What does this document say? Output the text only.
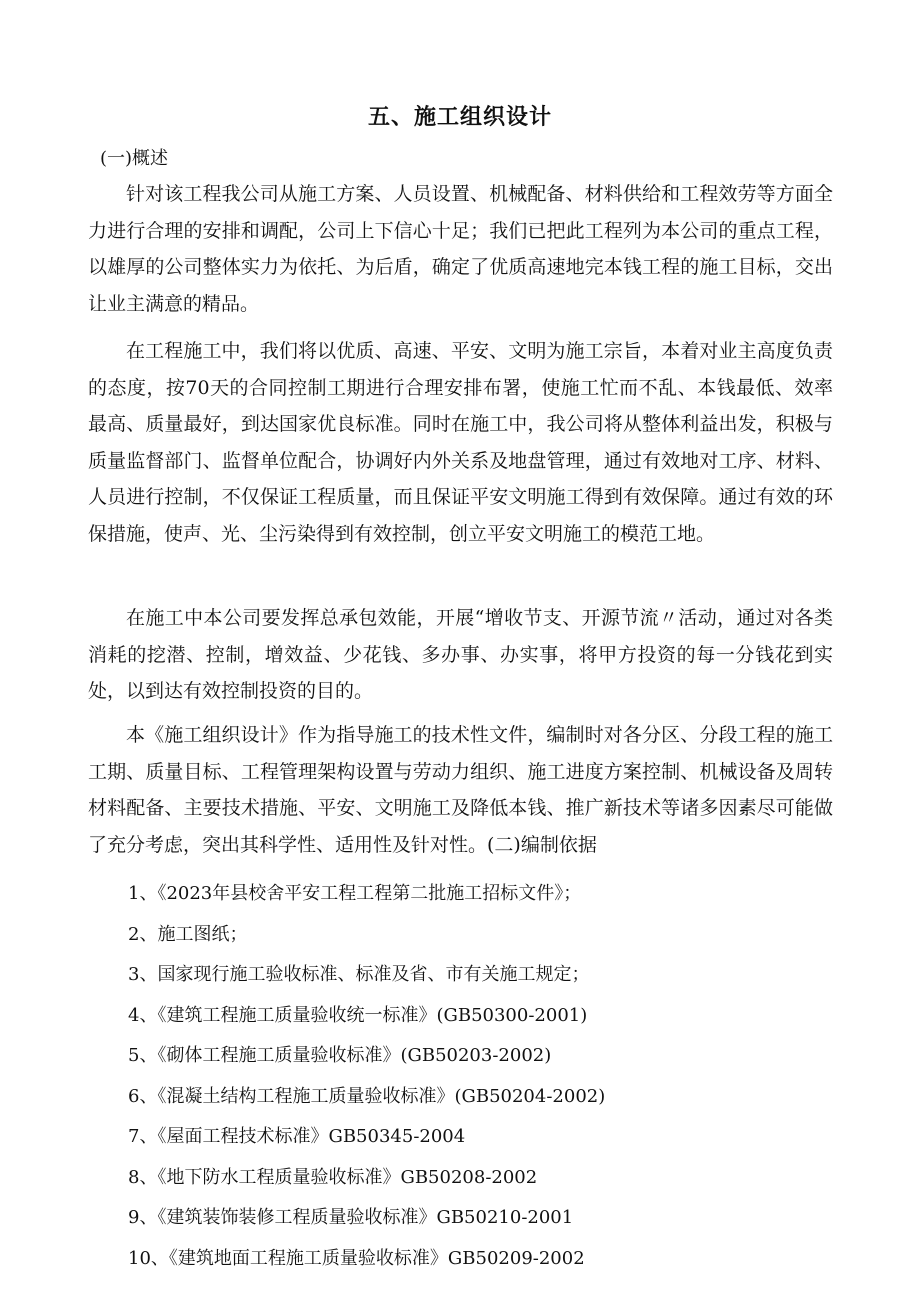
五、施工组织设计
(一)概述

针对该工程我公司从施工方案、人员设置、机械配备、材料供给和工程效劳等方面全力进行合理的安排和调配，公司上下信心十足；我们已把此工程列为本公司的重点工程，以雄厚的公司整体实力为依托、为后盾，确定了优质高速地完本钱工程的施工目标，交出让业主满意的精品。

在工程施工中，我们将以优质、高速、平安、文明为施工宗旨，本着对业主高度负责的态度，按70天的合同控制工期进行合理安排布署，使施工忙而不乱、本钱最低、效率最高、质量最好，到达国家优良标准。同时在施工中，我公司将从整体利益出发，积极与质量监督部门、监督单位配合，协调好内外关系及地盘管理，通过有效地对工序、材料、人员进行控制，不仅保证工程质量，而且保证平安文明施工得到有效保障。通过有效的环保措施，使声、光、尘污染得到有效控制，创立平安文明施工的模范工地。

在施工中本公司要发挥总承包效能，开展“增收节支、开源节流〃活动，通过对各类消耗的挖潜、控制，增效益、少花钱、多办事、办实事，将甲方投资的每一分钱花到实处，以到达有效控制投资的目的。

本《施工组织设计》作为指导施工的技术性文件，编制时对各分区、分段工程的施工工期、质量目标、工程管理架构设置与劳动力组织、施工进度方案控制、机械设备及周转材料配备、主要技术措施、平安、文明施工及降低本钱、推广新技术等诸多因素尽可能做了充分考虑，突出其科学性、适用性及针对性。(二)编制依据

1、《2023年县校舍平安工程工程第二批施工招标文件》；
2、施工图纸；
3、国家现行施工验收标准、标准及省、市有关施工规定；
4、《建筑工程施工质量验收统一标准》(GB50300-2001)
5、《砌体工程施工质量验收标准》(GB50203-2002)
6、《混凝土结构工程施工质量验收标准》(GB50204-2002)
7、《屋面工程技术标准》GB50345-2004
8、《地下防水工程质量验收标准》GB50208-2002
9、《建筑装饰装修工程质量验收标准》GB50210-2001
10、《建筑地面工程施工质量验收标准》GB50209-2002
